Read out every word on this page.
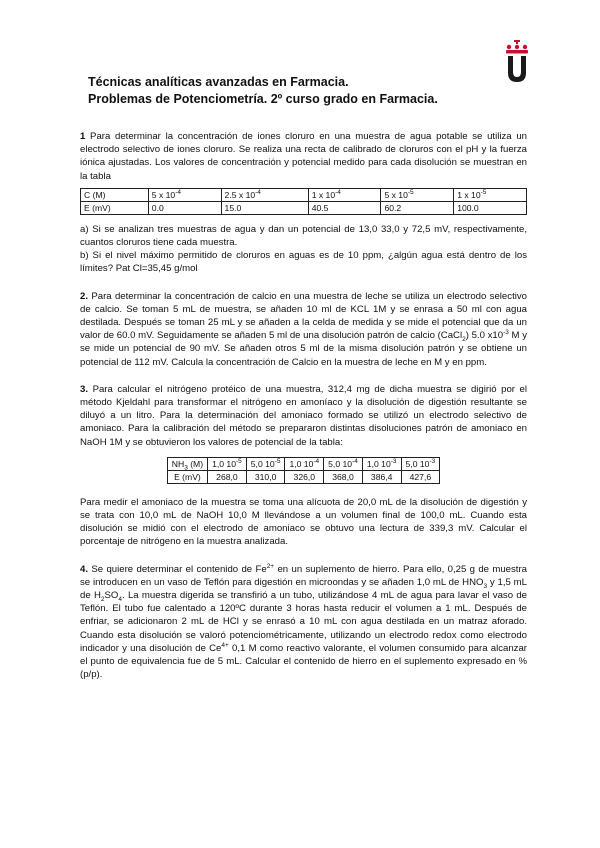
Técnicas analíticas avanzadas en Farmacia.
Problemas de Potenciometría. 2º curso grado en Farmacia.

1 Para determinar la concentración de iones cloruro en una muestra de agua potable se utiliza un electrodo selectivo de iones cloruro. Se realiza una recta de calibrado de cloruros con el pH y la fuerza iónica ajustadas. Los valores de concentración y potencial medido para cada disolución se muestran en la tabla

C (M)	5 x $10^{-4}$	2.5 x $10^{-4}$	1 x $10^{-4}$	5 x $10^{-5}$	1 x $10^{-5}$
E (mV)	0.0	15.0	40.5	60.2	100.0

a) Si se analizan tres muestras de agua y dan un potencial de 13,0 33,0 y 72,5 mV, respectivamente, cuantos cloruros tiene cada muestra.

b) Si el nivel máximo permitido de cloruros en aguas es de 10 ppm, ¿algún agua está dentro de los límites? Pat Cl=35,45 g/mol

2. Para determinar la concentración de calcio en una muestra de leche se utiliza un electrodo selectivo de calcio. Se toman 5 mL de muestra, se añaden 10 ml de KCL 1M y se enrasa a 50 ml con agua destilada. Después se toman 25 mL y se añaden a la celda de medida y se mide el potencial que da un valor de 60.0 mV. Seguidamente se añaden 5 ml de una disolución patrón de calcio (CaCl$_2$) 5.0 $x10^{-3}$ M y se mide un potencial de 90 mV. Se añaden otros 5 ml de la misma disolución patrón y se obtiene un potencial de 112 mV. Calcula la concentración de Calcio en la muestra de leche en M y en ppm.

3. Para calcular el nitrógeno protéico de una muestra, 312,4 mg de dicha muestra se digirió por el método Kjeldahl para transformar el nitrógeno en amoníaco y la disolución de digestión resultante se diluyó a un litro. Para la determinación del amoniaco formado se utilizó un electrodo selectivo de amoniaco. Para la calibración del método se prepararon distintas disoluciones patrón de amoniaco en NaOH 1M y se obtuvieron los valores de potencial de la tabla:

$NH_3$ (M)	1,0 $10^{-5}$	5,0 $10^{-5}$	1,0 $10^{-4}$	5,0 $10^{-4}$	1,0 $10^{-3}$	5,0 $10^{-3}$
E (mV)	268,0	310,0	326,0	368,0	386,4	427,6

Para medir el amoniaco de la muestra se toma una alícuota de 20,0 mL de la disolución de digestión y se trata con 10,0 mL de NaOH 10,0 M llevándose a un volumen final de 100,0 mL. Cuando esta disolución se midió con el electrodo de amoniaco se obtuvo una lectura de 339,3 mV. Calcular el porcentaje de nitrógeno en la muestra analizada.

4. Se quiere determinar el contenido de $Fe^{2+}$ en un suplemento de hierro. Para ello, 0,25 g de muestra se introducen en un vaso de Teflón para digestión en microondas y se añaden 1,0 mL de $HNO_3$ y 1,5 mL de $H_2SO_4$. La muestra digerida se transfirió a un tubo, utilizándose 4 mL de agua para lavar el vaso de Teflón. El tubo fue calentado a 120ºC durante 3 horas hasta reducir el volumen a 1 mL. Después de enfriar, se adicionaron 2 mL de HCl y se enrasó a 10 mL con agua destilada en un matraz aforado. Cuando esta disolución se valoró potenciométricamente, utilizando un electrodo redox como electrodo indicador y una disolución de $Ce^{4+}$ 0,1 M como reactivo valorante, el volumen consumido para alcanzar el punto de equivalencia fue de 5 mL. Calcular el contenido de hierro en el suplemento expresado en %(p/p).
